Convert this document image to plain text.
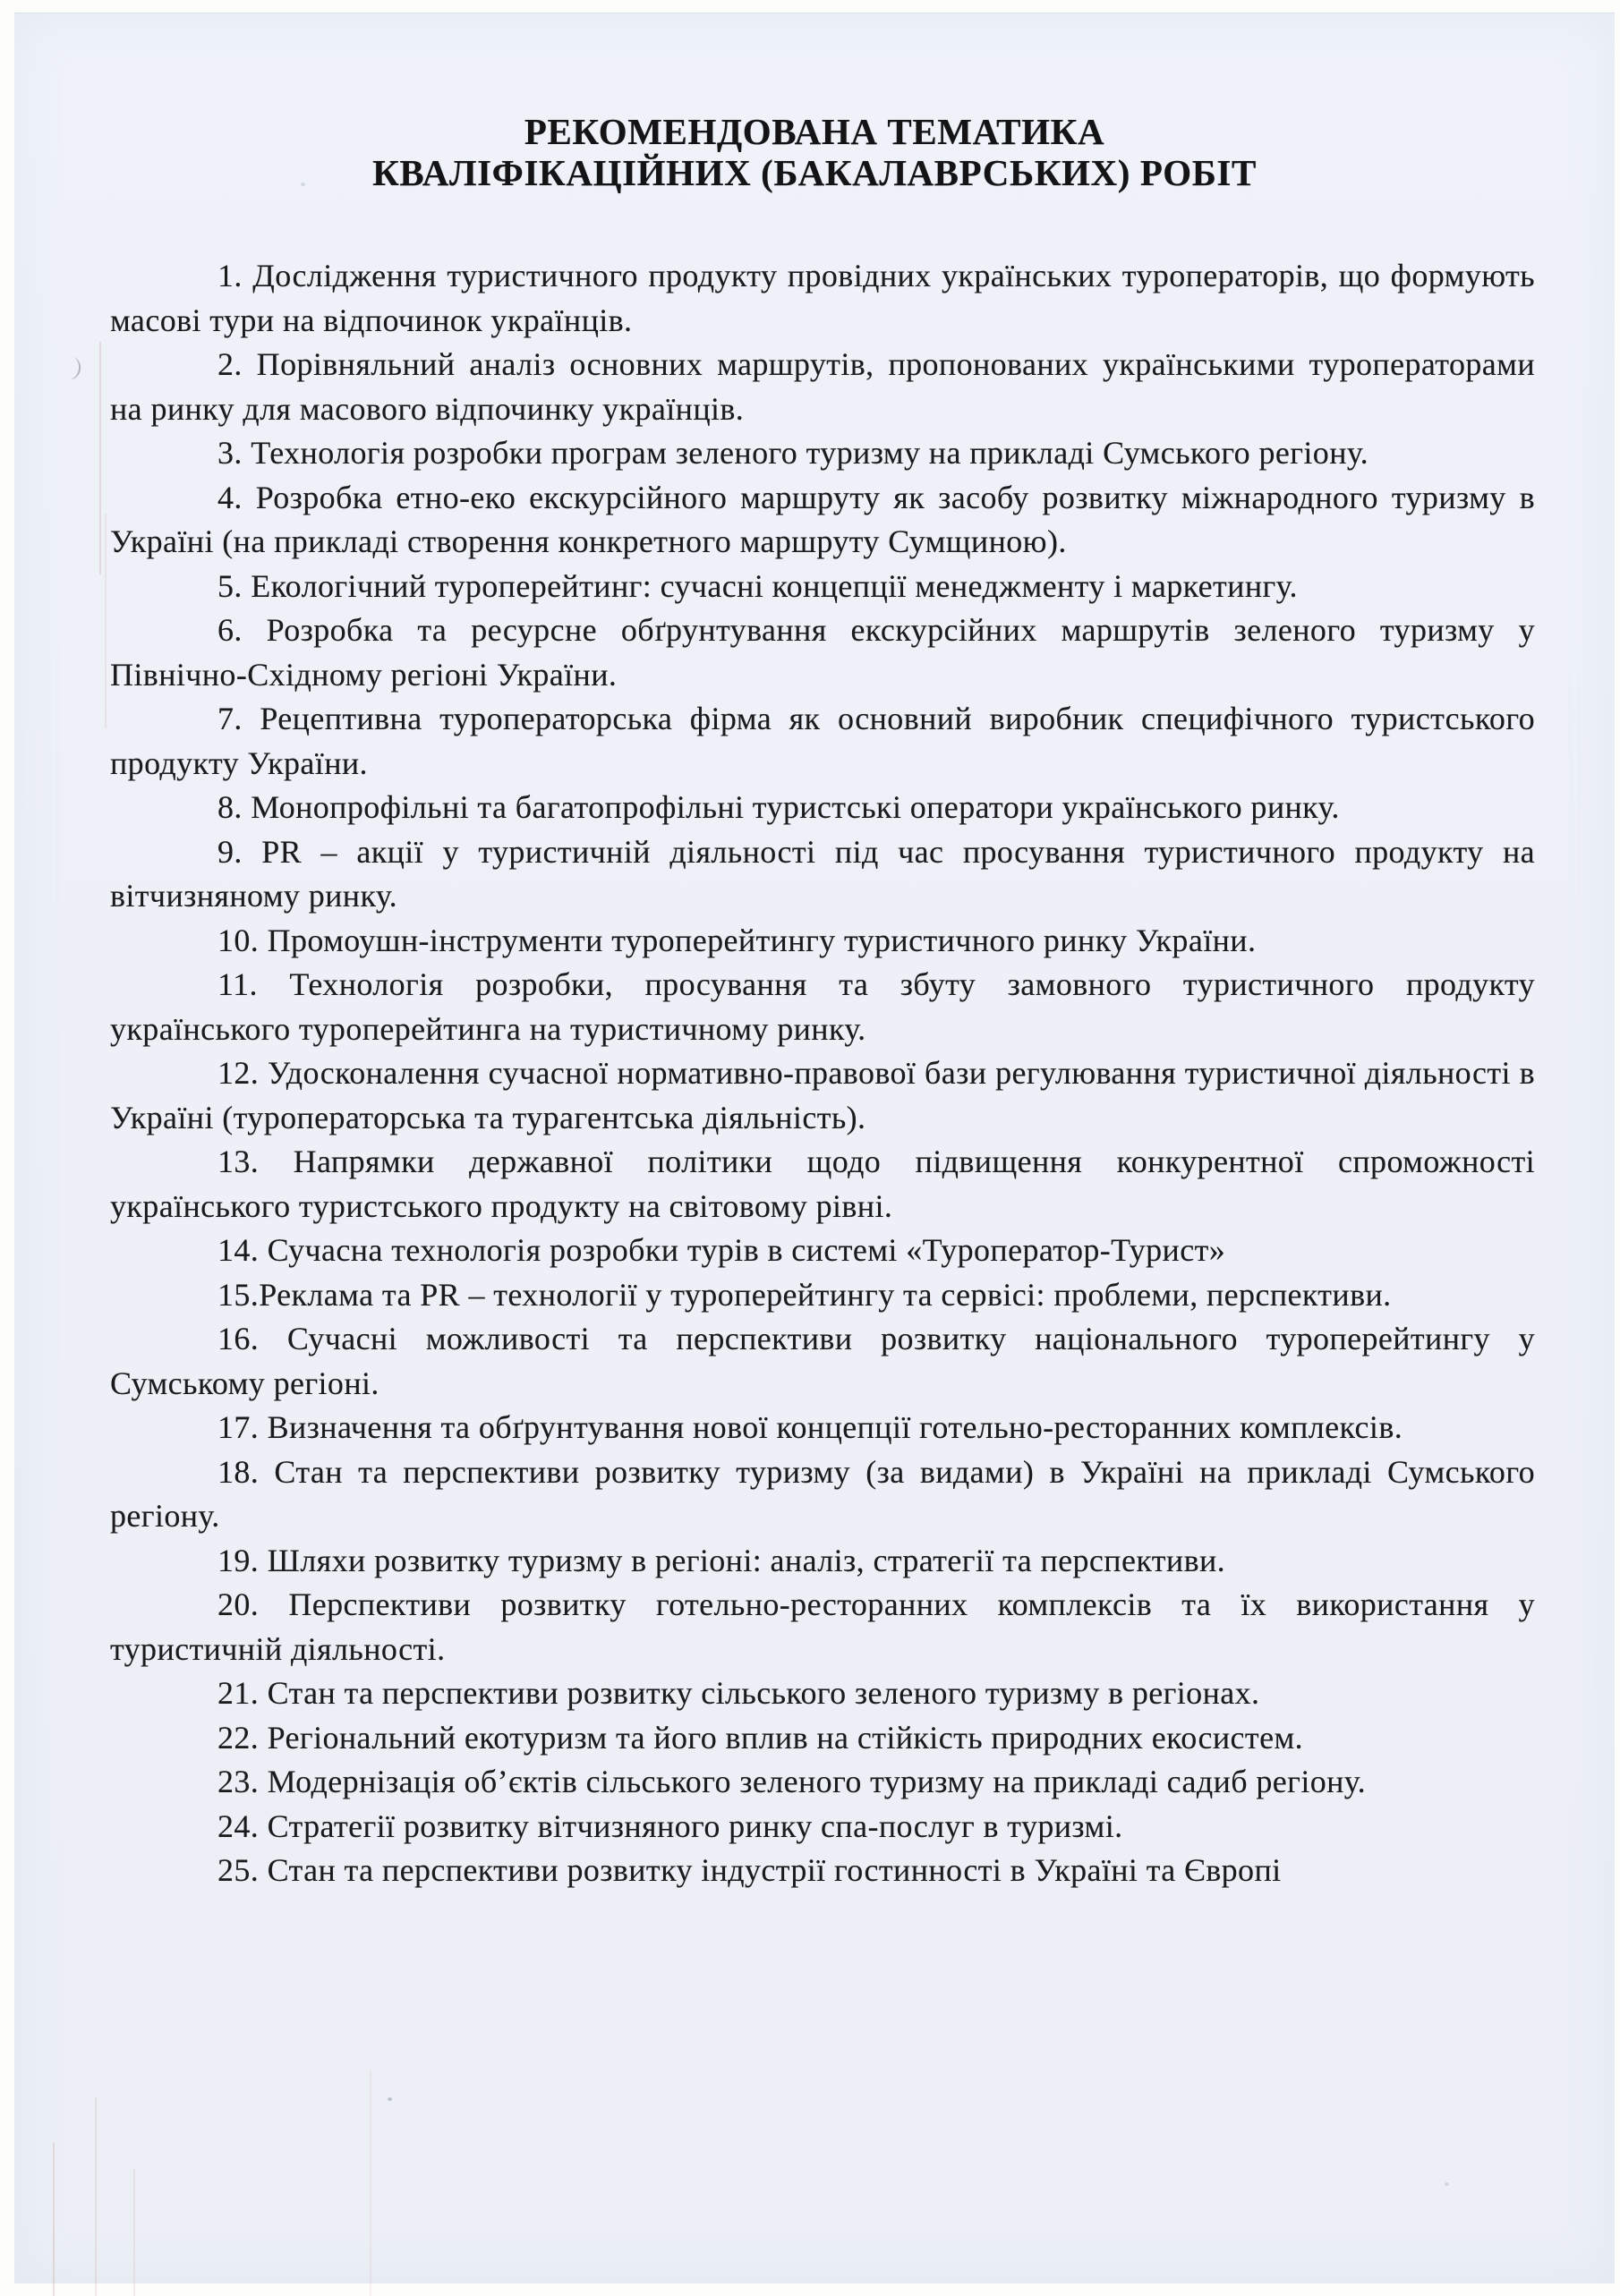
РЕКОМЕНДОВАНА ТЕМАТИКА
КВАЛІФІКАЦІЙНИХ (БАКАЛАВРСЬКИХ) РОБІТ

1. Дослідження туристичного продукту провідних українських туроператорів, що формують масові тури на відпочинок українців.

2. Порівняльний аналіз основних маршрутів, пропонованих українськими туроператорами на ринку для масового відпочинку українців.

3. Технологія розробки програм зеленого туризму на прикладі Сумського регіону.

4. Розробка етно-еко екскурсійного маршруту як засобу розвитку міжнародного туризму в Україні (на прикладі створення конкретного маршруту Сумщиною).

5. Екологічний туроперейтинг: сучасні концепції менеджменту і маркетингу.

6. Розробка та ресурсне обґрунтування екскурсійних маршрутів зеленого туризму у Північно-Східному регіоні України.

7. Рецептивна туроператорська фірма як основний виробник специфічного туристського продукту України.

8. Монопрофільні та багатопрофільні туристські оператори українського ринку.

9. PR – акції у туристичній діяльності під час просування туристичного продукту на вітчизняному ринку.

10. Промоушн-інструменти туроперейтингу туристичного ринку України.

11. Технологія розробки, просування та збуту замовного туристичного продукту українського туроперейтинга на туристичному ринку.

12. Удосконалення сучасної нормативно-правової бази регулювання туристичної діяльності в Україні (туроператорська та турагентська діяльність).

13. Напрямки державної політики щодо підвищення конкурентної спроможності українського туристського продукту на світовому рівні.

14. Сучасна технологія розробки турів в системі «Туроператор-Турист»

15.Реклама та PR – технології у туроперейтингу та сервісі: проблеми, перспективи.

16. Сучасні можливості та перспективи розвитку національного туроперейтингу у Сумському регіоні.

17. Визначення та обґрунтування нової концепції готельно-ресторанних комплексів.

18. Стан та перспективи розвитку туризму (за видами) в Україні на прикладі Сумського регіону.

19. Шляхи розвитку туризму в регіоні: аналіз, стратегії та перспективи.

20. Перспективи розвитку готельно-ресторанних комплексів та їх використання у туристичній діяльності.

21. Стан та перспективи розвитку сільського зеленого туризму в регіонах.

22. Регіональний екотуризм та його вплив на стійкість природних екосистем.

23. Модернізація об’єктів сільського зеленого туризму на прикладі садиб регіону.

24. Стратегії розвитку вітчизняного ринку спа-послуг в туризмі.

25. Стан та перспективи розвитку індустрії гостинності в Україні та Європі
